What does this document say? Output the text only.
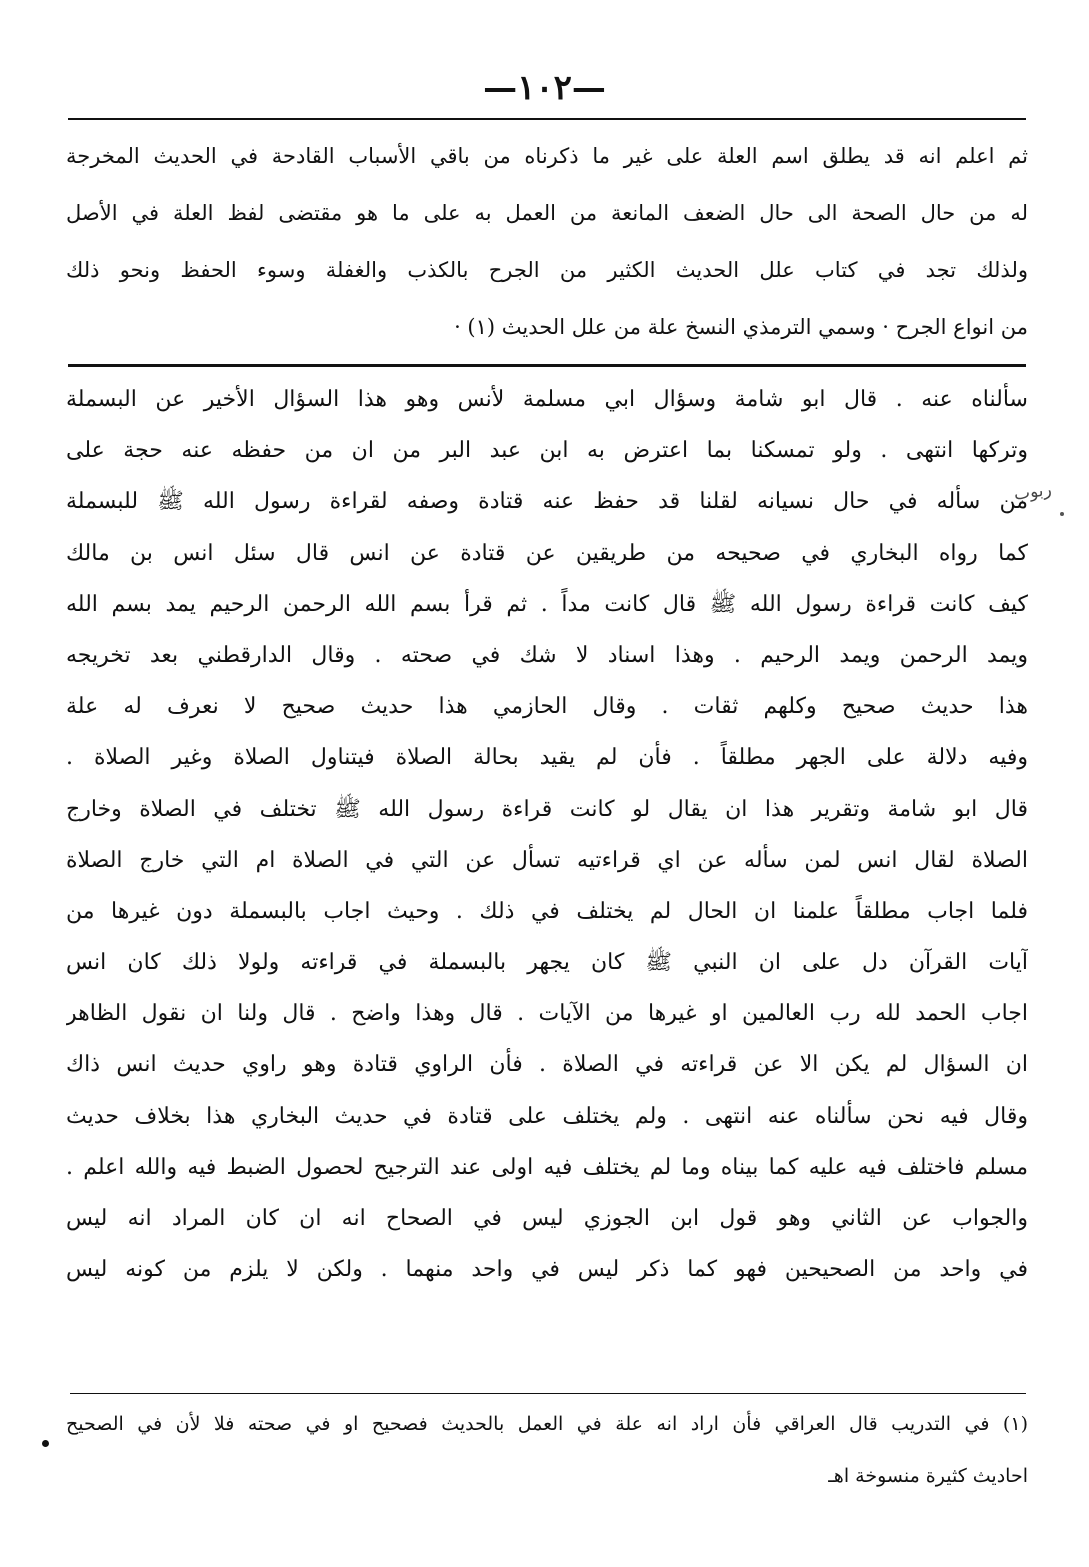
—١٠٢—
ثم اعلم انه قد يطلق اسم العلة على غير ما ذكرناه من باقي الأسباب القادحة في الحديث المخرجة
له من حال الصحة الى حال الضعف المانعة من العمل به على ما هو مقتضى لفظ العلة في الأصل
ولذلك تجد في كتاب علل الحديث الكثير من الجرح بالكذب والغفلة وسوء الحفظ ونحو ذلك
من انواع الجرح · وسمي الترمذي النسخ علة من علل الحديث (١) ·
سألناه عنه . قال ابو شامة وسؤال ابي مسلمة لأنس وهو هذا السؤال الأخير عن البسملة
وتركها انتهى . ولو تمسكنا بما اعترض به ابن عبد البر من ان من حفظه عنه حجة على
من سأله في حال نسيانه لقلنا قد حفظ عنه قتادة وصفه لقراءة رسول الله ﷺ للبسملة
كما رواه البخاري في صحيحه من طريقين عن قتادة عن انس قال سئل انس بن مالك
كيف كانت قراءة رسول الله ﷺ قال كانت مداً . ثم قرأ بسم الله الرحمن الرحيم يمد بسم الله
ويمد الرحمن ويمد الرحيم . وهذا اسناد لا شك في صحته . وقال الدارقطني بعد تخريجه
هذا حديث صحيح وكلهم ثقات . وقال الحازمي هذا حديث صحيح لا نعرف له علة
وفيه دلالة على الجهر مطلقاً . فأن لم يقيد بحالة الصلاة فيتناول الصلاة وغير الصلاة .
قال ابو شامة وتقرير هذا ان يقال لو كانت قراءة رسول الله ﷺ تختلف في الصلاة وخارج
الصلاة لقال انس لمن سأله عن اي قراءتيه تسأل عن التي في الصلاة ام التي خارج الصلاة
فلما اجاب مطلقاً علمنا ان الحال لم يختلف في ذلك . وحيث اجاب بالبسملة دون غيرها من
آيات القرآن دل على ان النبي ﷺ كان يجهر بالبسملة في قراءته ولولا ذلك كان انس
اجاب الحمد لله رب العالمين او غيرها من الآيات . قال وهذا واضح . قال ولنا ان نقول الظاهر
ان السؤال لم يكن الا عن قراءته في الصلاة . فأن الراوي قتادة وهو راوي حديث انس ذاك
وقال فيه نحن سألناه عنه انتهى . ولم يختلف على قتادة في حديث البخاري هذا بخلاف حديث
مسلم فاختلف فيه عليه كما بيناه وما لم يختلف فيه اولى عند الترجيح لحصول الضبط فيه والله اعلم .
والجواب عن الثاني وهو قول ابن الجوزي ليس في الصحاح انه ان كان المراد انه ليس
في واحد من الصحيحين فهو كما ذكر ليس في واحد منهما . ولكن لا يلزم من كونه ليس
(١) في التدريب قال العراقي فأن اراد انه علة في العمل بالحديث فصحيح او في صحته فلا لأن في الصحيح
احاديث كثيرة منسوخة اهـ
ربوب
